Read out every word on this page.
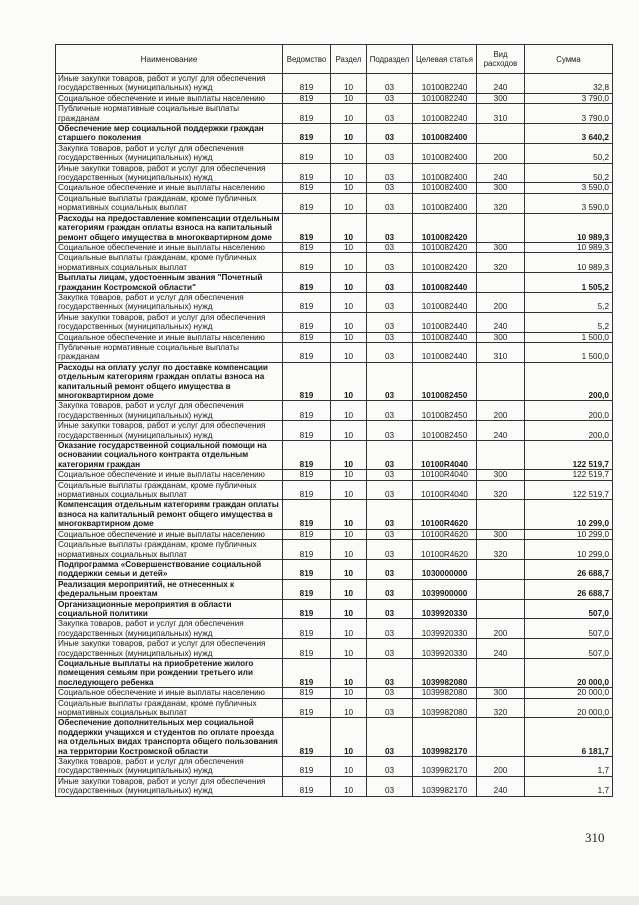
Наименование	Ведомство	Раздел	Подраздел	Целевая статья	Вид расходов	Сумма
Иные закупки товаров, работ и услуг для обеспечения государственных (муниципальных) нужд	819	10	03	1010082240	240	32,8
Социальное обеспечение и иные выплаты населению	819	10	03	1010082240	300	3 790,0
Публичные нормативные социальные выплаты гражданам	819	10	03	1010082240	310	3 790,0
Обеспечение мер социальной поддержки граждан старшего поколения	819	10	03	1010082400		3 640,2
Закупка товаров, работ и услуг для обеспечения государственных (муниципальных) нужд	819	10	03	1010082400	200	50,2
Иные закупки товаров, работ и услуг для обеспечения государственных (муниципальных) нужд	819	10	03	1010082400	240	50,2
Социальное обеспечение и иные выплаты населению	819	10	03	1010082400	300	3 590,0
Социальные выплаты гражданам, кроме публичных нормативных социальных выплат	819	10	03	1010082400	320	3 590,0
Расходы на предоставление компенсации отдельным категориям граждан оплаты взноса на капитальный ремонт общего имущества в многоквартирном доме	819	10	03	1010082420		10 989,3
Социальное обеспечение и иные выплаты населению	819	10	03	1010082420	300	10 989,3
Социальные выплаты гражданам, кроме публичных нормативных социальных выплат	819	10	03	1010082420	320	10 989,3
Выплаты лицам, удостоенным звания "Почетный гражданин Костромской области"	819	10	03	1010082440		1 505,2
Закупка товаров, работ и услуг для обеспечения государственных (муниципальных) нужд	819	10	03	1010082440	200	5,2
Иные закупки товаров, работ и услуг для обеспечения государственных (муниципальных) нужд	819	10	03	1010082440	240	5,2
Социальное обеспечение и иные выплаты населению	819	10	03	1010082440	300	1 500,0
Публичные нормативные социальные выплаты гражданам	819	10	03	1010082440	310	1 500,0
Расходы на оплату услуг по доставке компенсации отдельным категориям граждан оплаты взноса на капитальный ремонт общего имущества в многоквартирном доме	819	10	03	1010082450		200,0
Закупка товаров, работ и услуг для обеспечения государственных (муниципальных) нужд	819	10	03	1010082450	200	200,0
Иные закупки товаров, работ и услуг для обеспечения государственных (муниципальных) нужд	819	10	03	1010082450	240	200,0
Оказание государственной социальной помощи на основании социального контракта отдельным категориям граждан	819	10	03	10100R4040		122 519,7
Социальное обеспечение и иные выплаты населению	819	10	03	10100R4040	300	122 519,7
Социальные выплаты гражданам, кроме публичных нормативных социальных выплат	819	10	03	10100R4040	320	122 519,7
Компенсация отдельным категориям граждан оплаты взноса на капитальный ремонт общего имущества в многоквартирном доме	819	10	03	10100R4620		10 299,0
Социальное обеспечение и иные выплаты населению	819	10	03	10100R4620	300	10 299,0
Социальные выплаты гражданам, кроме публичных нормативных социальных выплат	819	10	03	10100R4620	320	10 299,0
Подпрограмма «Совершенствование социальной поддержки семьи и детей»	819	10	03	1030000000		26 688,7
Реализация мероприятий, не отнесенных к федеральным проектам	819	10	03	1039900000		26 688,7
Организационные мероприятия в области социальной политики	819	10	03	1039920330		507,0
Закупка товаров, работ и услуг для обеспечения государственных (муниципальных) нужд	819	10	03	1039920330	200	507,0
Иные закупки товаров, работ и услуг для обеспечения государственных (муниципальных) нужд	819	10	03	1039920330	240	507,0
Социальные выплаты на приобретение жилого помещения семьям при рождении третьего или последующего ребенка	819	10	03	1039982080		20 000,0
Социальное обеспечение и иные выплаты населению	819	10	03	1039982080	300	20 000,0
Социальные выплаты гражданам, кроме публичных нормативных социальных выплат	819	10	03	1039982080	320	20 000,0
Обеспечение дополнительных мер социальной поддержки учащихся и студентов по оплате проезда на отдельных видах транспорта общего пользования на территории Костромской области	819	10	03	1039982170		6 181,7
Закупка товаров, работ и услуг для обеспечения государственных (муниципальных) нужд	819	10	03	1039982170	200	1,7
Иные закупки товаров, работ и услуг для обеспечения государственных (муниципальных) нужд	819	10	03	1039982170	240	1,7
310
